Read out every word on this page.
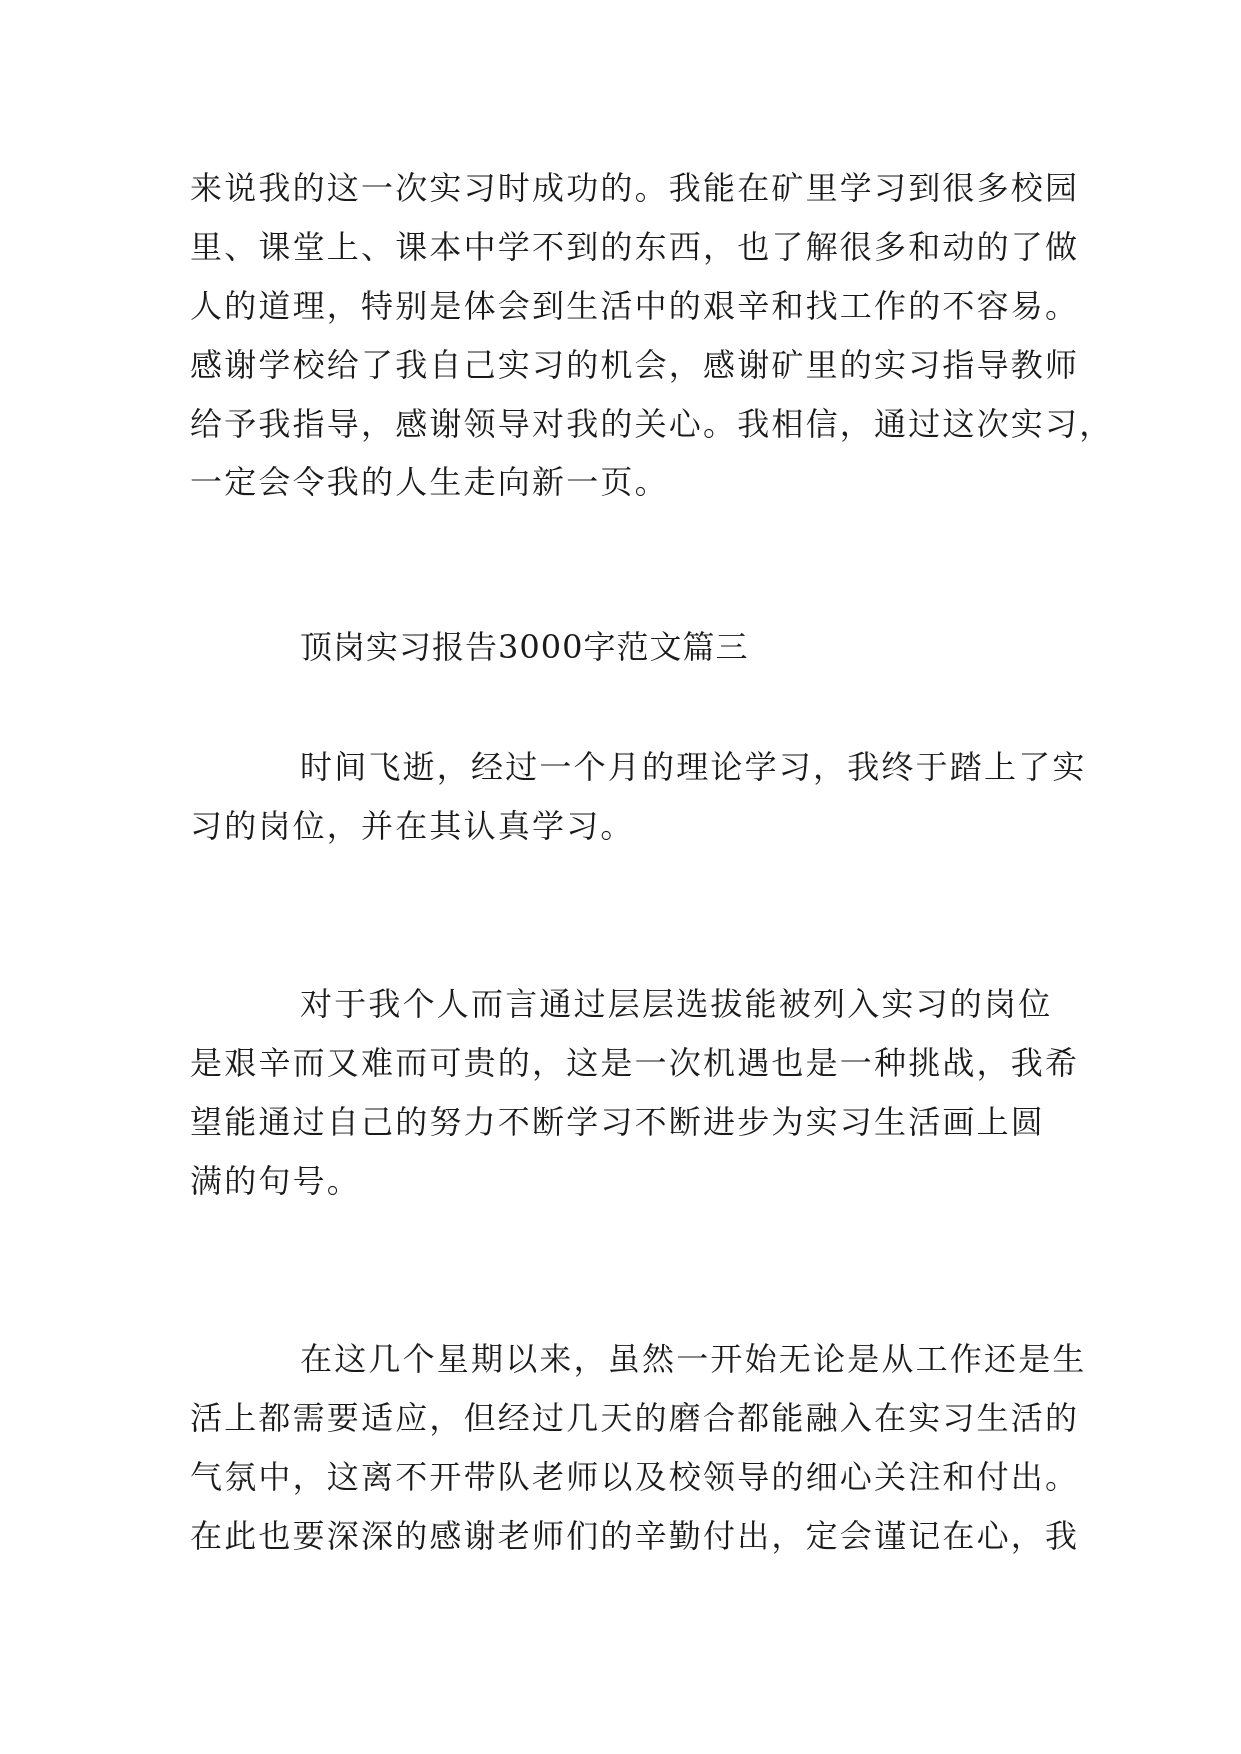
来说我的这一次实习时成功的。我能在矿里学习到很多校园
里、课堂上、课本中学不到的东西，也了解很多和动的了做
人的道理，特别是体会到生活中的艰辛和找工作的不容易。
感谢学校给了我自己实习的机会，感谢矿里的实习指导教师
给予我指导，感谢领导对我的关心。我相信，通过这次实习，
一定会令我的人生走向新一页。
顶岗实习报告3000字范文篇三
时间飞逝，经过一个月的理论学习，我终于踏上了实
习的岗位，并在其认真学习。
对于我个人而言通过层层选拔能被列入实习的岗位
是艰辛而又难而可贵的，这是一次机遇也是一种挑战，我希
望能通过自己的努力不断学习不断进步为实习生活画上圆
满的句号。
在这几个星期以来，虽然一开始无论是从工作还是生
活上都需要适应，但经过几天的磨合都能融入在实习生活的
气氛中，这离不开带队老师以及校领导的细心关注和付出。
在此也要深深的感谢老师们的辛勤付出，定会谨记在心，我
